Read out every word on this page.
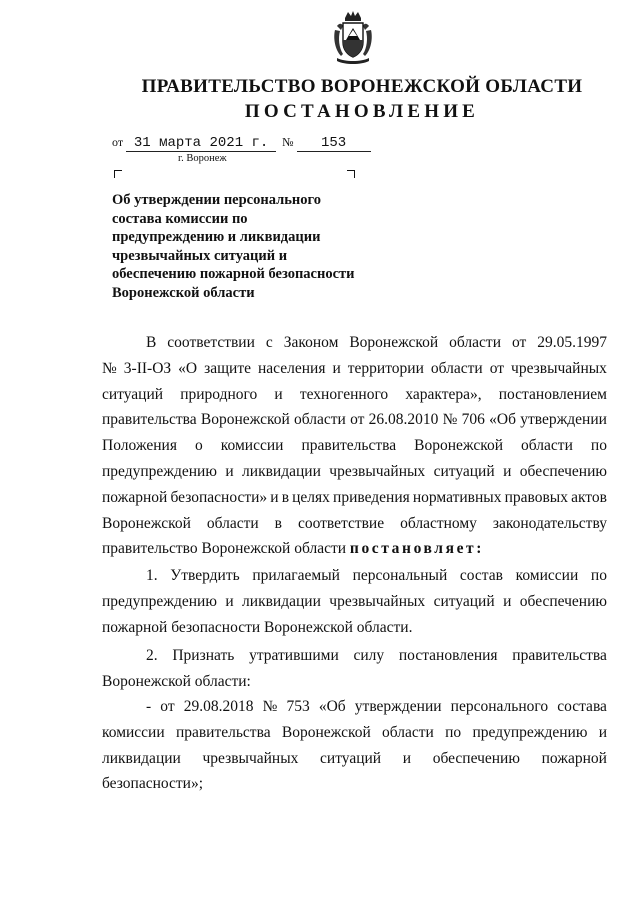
ПРАВИТЕЛЬСТВО ВОРОНЕЖСКОЙ ОБЛАСТИ
ПОСТАНОВЛЕНИЕ
от 31 марта 2021 г. № 153
г. Воронеж
Об утверждении персонального
состава комиссии по
предупреждению и ликвидации
чрезвычайных ситуаций и
обеспечению пожарной безопасности
Воронежской области
В соответствии с Законом Воронежской области от 29.05.1997
№ 3-II-ОЗ «О защите населения и территории области от чрезвычайных
ситуаций природного и техногенного характера», постановлением
правительства Воронежской области от 26.08.2010 № 706 «Об утверждении
Положения о комиссии правительства Воронежской области по
предупреждению и ликвидации чрезвычайных ситуаций и обеспечению
пожарной безопасности» и в целях приведения нормативных правовых актов
Воронежской области в соответствие областному законодательству
правительство Воронежской области
постановляет:
1. Утвердить прилагаемый персональный состав комиссии по
предупреждению и ликвидации чрезвычайных ситуаций и обеспечению
пожарной безопасности Воронежской области.
2. Признать утратившими силу постановления правительства
Воронежской области:
- от 29.08.2018 № 753 «Об утверждении персонального состава
комиссии правительства Воронежской области по предупреждению и
ликвидации чрезвычайных ситуаций и обеспечению пожарной
безопасности»;
